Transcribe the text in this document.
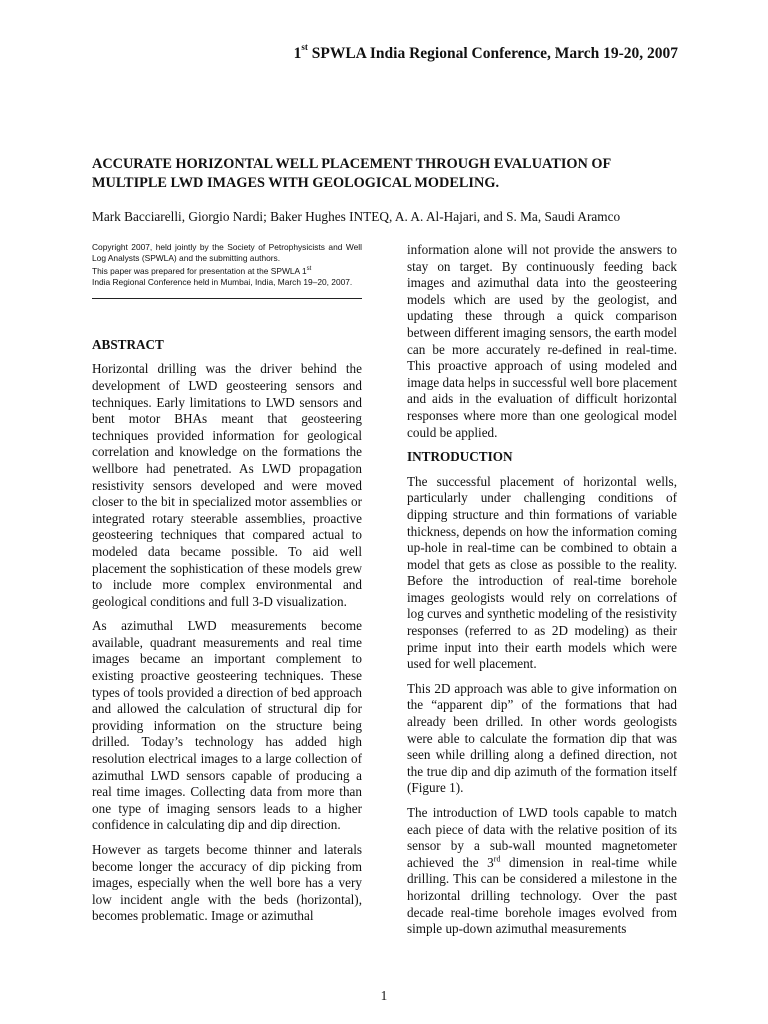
1st SPWLA India Regional Conference, March 19-20, 2007
ACCURATE HORIZONTAL WELL PLACEMENT THROUGH EVALUATION OF
MULTIPLE LWD IMAGES WITH GEOLOGICAL MODELING.
Mark Bacciarelli, Giorgio Nardi; Baker Hughes INTEQ, A. A. Al-Hajari, and S. Ma, Saudi Aramco
Copyright 2007, held jointly by the Society of Petrophysicists and Well Log Analysts (SPWLA) and the submitting authors.
This paper was prepared for presentation at the SPWLA 1st
India Regional Conference held in Mumbai, India, March 19–20, 2007.
ABSTRACT

Horizontal drilling was the driver behind the development of LWD geosteering sensors and techniques. Early limitations to LWD sensors and bent motor BHAs meant that geosteering techniques provided information for geological correlation and knowledge on the formations the wellbore had penetrated. As LWD propagation resistivity sensors developed and were moved closer to the bit in specialized motor assemblies or integrated rotary steerable assemblies, proactive geosteering techniques that compared actual to modeled data became possible. To aid well placement the sophistication of these models grew to include more complex environmental and geological conditions and full 3-D visualization.

As azimuthal LWD measurements become available, quadrant measurements and real time images became an important complement to existing proactive geosteering techniques. These types of tools provided a direction of bed approach and allowed the calculation of structural dip for providing information on the structure being drilled. Today’s technology has added high resolution electrical images to a large collection of azimuthal LWD sensors capable of producing a real time images. Collecting data from more than one type of imaging sensors leads to a higher confidence in calculating dip and dip direction.

However as targets become thinner and laterals become longer the accuracy of dip picking from images, especially when the well bore has a very low incident angle with the beds (horizontal), becomes problematic. Image or azimuthal

information alone will not provide the answers to stay on target. By continuously feeding back images and azimuthal data into the geosteering models which are used by the geologist, and updating these through a quick comparison between different imaging sensors, the earth model can be more accurately re-defined in real-time. This proactive approach of using modeled and image data helps in successful well bore placement and aids in the evaluation of difficult horizontal responses where more than one geological model could be applied.

INTRODUCTION

The successful placement of horizontal wells, particularly under challenging conditions of dipping structure and thin formations of variable thickness, depends on how the information coming up-hole in real-time can be combined to obtain a model that gets as close as possible to the reality. Before the introduction of real-time borehole images geologists would rely on correlations of log curves and synthetic modeling of the resistivity responses (referred to as 2D modeling) as their prime input into their earth models which were used for well placement.

This 2D approach was able to give information on the “apparent dip” of the formations that had already been drilled. In other words geologists were able to calculate the formation dip that was seen while drilling along a defined direction, not the true dip and dip azimuth of the formation itself (Figure 1).

The introduction of LWD tools capable to match each piece of data with the relative position of its sensor by a sub-wall mounted magnetometer achieved the 3rd dimension in real-time while drilling. This can be considered a milestone in the horizontal drilling technology. Over the past decade real-time borehole images evolved from simple up-down azimuthal measurements

1
